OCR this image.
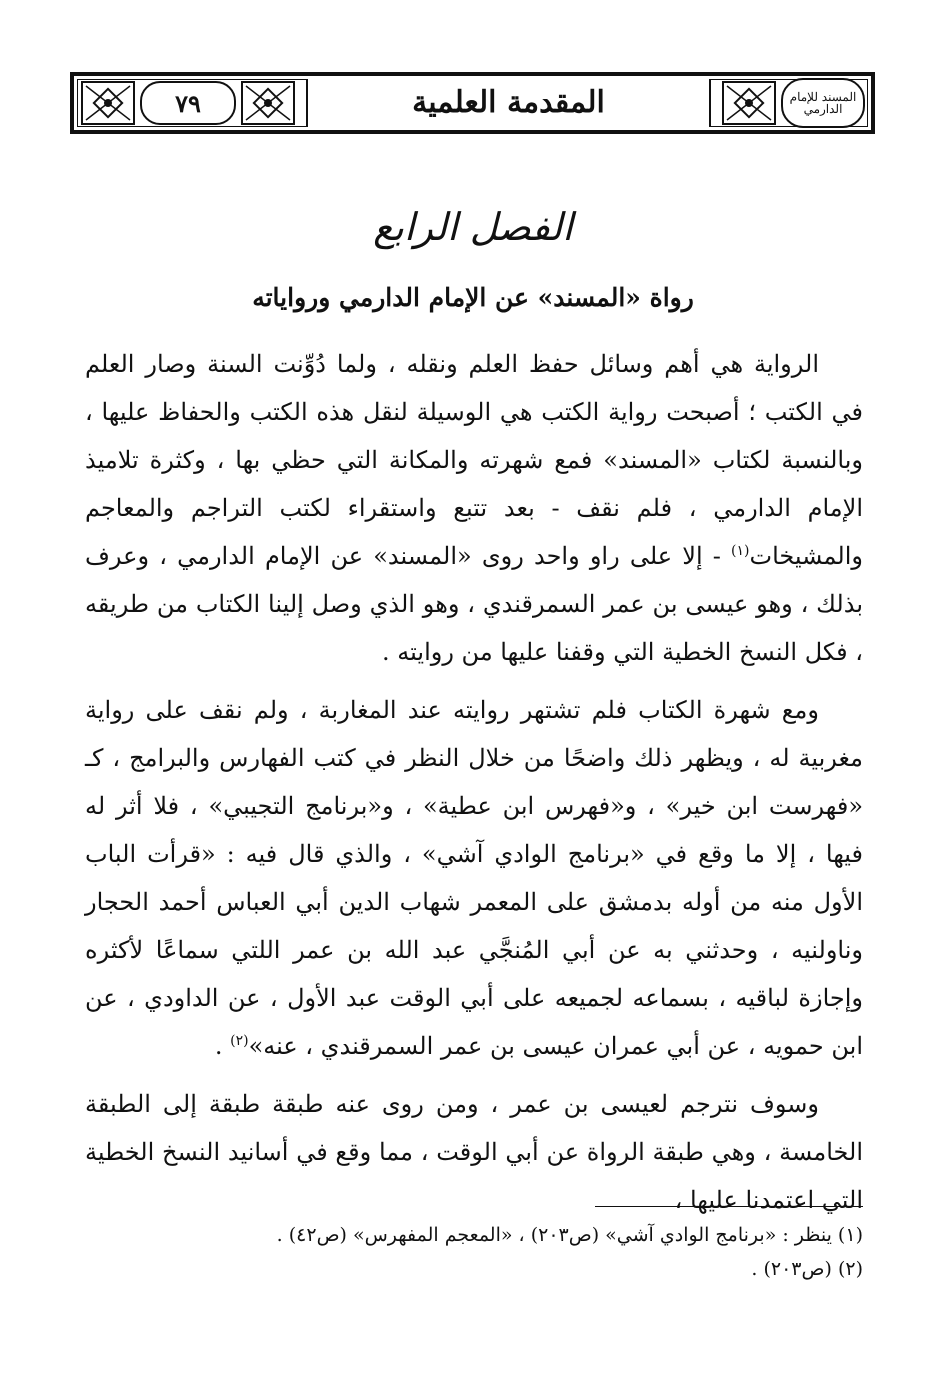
٧٩	المقدمة العلمية	المسند للإمام الدارمي
الفصل الرابع
رواة «المسند» عن الإمام الدارمي ورواياته

الرواية هي أهم وسائل حفظ العلم ونقله ، ولما دُوِّنت السنة وصار العلم في الكتب ؛ أصبحت رواية الكتب هي الوسيلة لنقل هذه الكتب والحفاظ عليها ، وبالنسبة لكتاب «المسند» فمع شهرته والمكانة التي حظي بها ، وكثرة تلاميذ الإمام الدارمي ، فلم نقف - بعد تتبع واستقراء لكتب التراجم والمعاجم والمشيخات$^{(١)}$ - إلا على راو واحد روى «المسند» عن الإمام الدارمي ، وعرف بذلك ، وهو عيسى بن عمر السمرقندي ، وهو الذي وصل إلينا الكتاب من طريقه ، فكل النسخ الخطية التي وقفنا عليها من روايته .

ومع شهرة الكتاب فلم تشتهر روايته عند المغاربة ، ولم نقف على رواية مغربية له ، ويظهر ذلك واضحًا من خلال النظر في كتب الفهارس والبرامج ، كـ «فهرست ابن خير» ، و«فهرس ابن عطية» ، و«برنامج التجيبي» ، فلا أثر له فيها ، إلا ما وقع في «برنامج الوادي آشي» ، والذي قال فيه : «قرأت الباب الأول منه من أوله بدمشق على المعمر شهاب الدين أبي العباس أحمد الحجار وناولنيه ، وحدثني به عن أبي المُنجَّي عبد الله بن عمر اللتي سماعًا لأكثره وإجازة لباقيه ، بسماعه لجميعه على أبي الوقت عبد الأول ، عن الداودي ، عن ابن حمويه ، عن أبي عمران عيسى بن عمر السمرقندي ، عنه»$^{(٢)}$ .

وسوف نترجم لعيسى بن عمر ، ومن روى عنه طبقة طبقة إلى الطبقة الخامسة ، وهي طبقة الرواة عن أبي الوقت ، مما وقع في أسانيد النسخ الخطية التي اعتمدنا عليها ،

(١) ينظر : «برنامج الوادي آشي» (ص٢٠٣) ، «المعجم المفهرس» (ص٤٢) .
(٢) (ص٢٠٣) .
